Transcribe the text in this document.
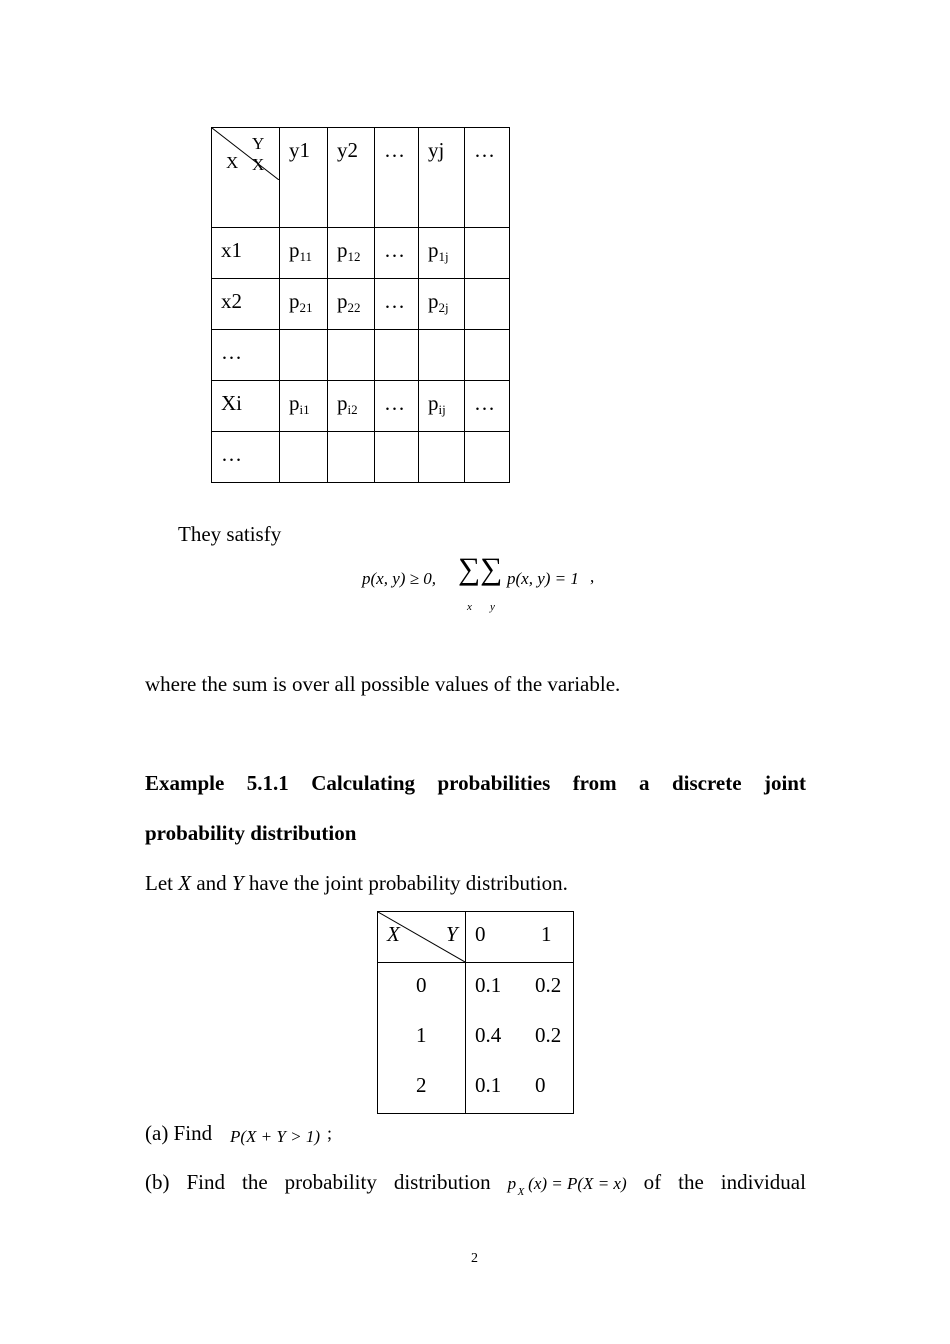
Y
X X	y1	y2	…	yj	…

x1	$p_{11}$	$p_{12}$	…	$p_{1j}$

x2	$p_{21}$	$p_{22}$	…	$p_{2j}$

…					

Xi	$p_{i1}$	$p_{i2}$	…	$p_{ij}$	…

…					

They satisfy
p(x, y) ≥ 0, ∑∑ p(x, y) = 1 ,
x y
where the sum is over all possible values of the variable.
Example 5.1.1 Calculating probabilities from a discrete joint
probability distribution
Let X and Y have the joint probability distribution.
X Y	0	1

0	0.1	0.2

1	0.4	0.2

2	0.1	0
(a) Find P(X + Y > 1) ;
(b) Find the probability distribution p X (x) = P(X = x) of the individual
2
